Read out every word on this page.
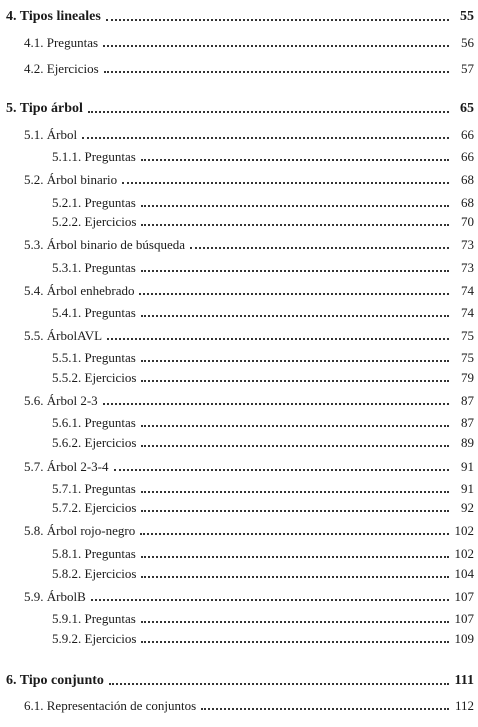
4. Tipos lineales	55
4.1. Preguntas	56
4.2. Ejercicios	57
5. Tipo árbol	65
5.1. Árbol	66
5.1.1. Preguntas	66
5.2. Árbol binario	68
5.2.1. Preguntas	68
5.2.2. Ejercicios	70
5.3. Árbol binario de búsqueda	73
5.3.1. Preguntas	73
5.4. Árbol enhebrado	74
5.4.1. Preguntas	74
5.5. ÁrbolAVL	75
5.5.1. Preguntas	75
5.5.2. Ejercicios	79
5.6. Árbol 2-3	87
5.6.1. Preguntas	87
5.6.2. Ejercicios	89
5.7. Árbol 2-3-4	91
5.7.1. Preguntas	91
5.7.2. Ejercicios	92
5.8. Árbol rojo-negro	102
5.8.1. Preguntas	102
5.8.2. Ejercicios	104
5.9. ÁrbolB	107
5.9.1. Preguntas	107
5.9.2. Ejercicios	109
6. Tipo conjunto	111
6.1. Representación de conjuntos	112
